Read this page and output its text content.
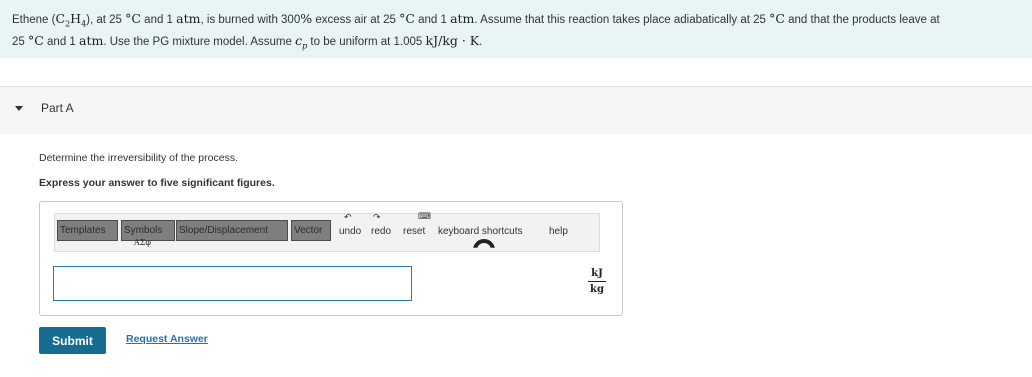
Ethene $(C_2H_4)$, at 25 °C and 1 atm, is burned with 300% excess air at 25 °C and 1 atm. Assume that this reaction takes place adiabatically at 25 °C and that the products leave at
25 °C and 1 atm. Use the PG mixture model. Assume $c_p$ to be uniform at 1.005 kJ/kg · K.
Part A
Determine the irreversibility of the process.
Express your answer to five significant figures.
Templates	Symbols
ΑΣφ
Slope/Displacement	Vector
↶
undo
↷
redo
⌨
reset keyboard shortcuts	help
kJ
kg
Submit	Request Answer
